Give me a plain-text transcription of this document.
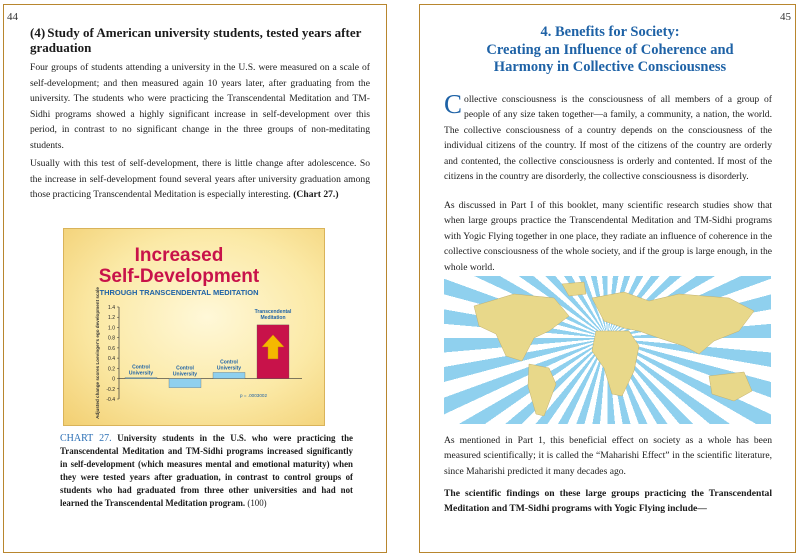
44
(4) Study of American university students, tested years after graduation

Four groups of students attending a university in the U.S. were measured on a scale of self-development; and then measured again 10 years later, after graduating from the university. The students who were practicing the Transcendental Meditation and TM-Sidhi programs showed a highly significant increase in self-development over this period, in contrast to no significant change in the three groups of non-meditating students.

Usually with this test of self-development, there is little change after adolescence. So the increase in self-development found several years after university graduation among those practicing Transcendental Meditation is especially interesting. (Chart 27.)

Increased
Self-Development
THROUGH TRANSCENDENTAL MEDITATION
1.4
1.2
1.0
0.8
0.6
0.4
0.2
0
-0.2
-0.4
Adjusted change scores Loevinger's ego development scale	Control
University
Control
University
Control
University
Transcendental
Meditation
p = .0003002
CHART 27. University students in the U.S. who were practicing the Transcendental Meditation and TM-Sidhi programs increased significantly in self-development (which measures mental and emotional maturity) when they were tested years after graduation, in contrast to control groups of students who had graduated from three other universities and had not learned the Transcendental Meditation program. (100)
45
4. Benefits for Society:
Creating an Influence of Coherence and
Harmony in Collective Consciousness

Collective consciousness is the consciousness of all members of a group of people of any size taken together—a family, a community, a nation, the world. The collective consciousness of a country depends on the consciousness of the individual citizens of the country. If most of the citizens of the country are orderly and contented, the collective consciousness is orderly and contented. If most of the citizens in the country are disorderly, the collective consciousness is disorderly.

As discussed in Part I of this booklet, many scientific research studies show that when large groups practice the Transcendental Meditation and TM-Sidhi programs with Yogic Flying together in one place, they radiate an influence of coherence in the collective consciousness of the whole society, and if the group is large enough, in the whole world.

As mentioned in Part 1, this beneficial effect on society as a whole has been measured scientifically; it is called the “Maharishi Effect” in the scientific literature, since Maharishi predicted it many decades ago.

The scientific findings on these large groups practicing the Transcendental Meditation and TM-Sidhi programs with Yogic Flying include—
